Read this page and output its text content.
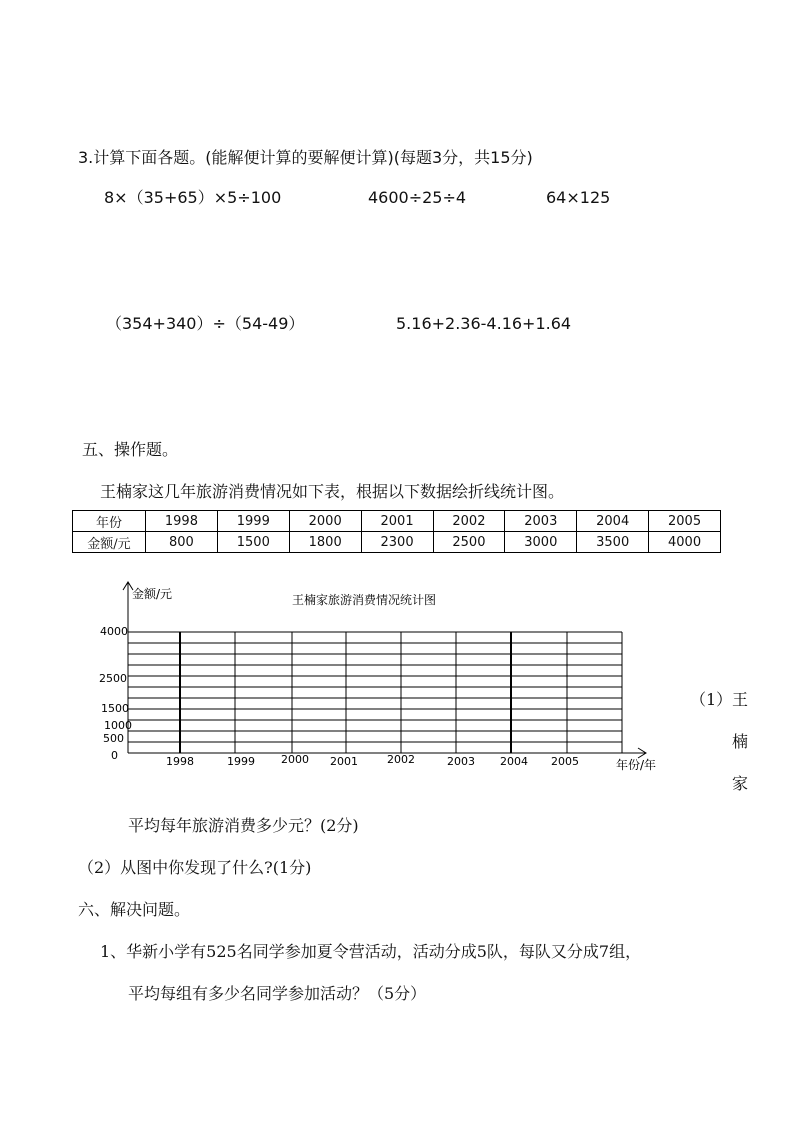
3.计算下面各题。(能解便计算的要解便计算)(每题3分，共15分)
8×（35+65）×5÷100	4600÷25÷4	64×125
（354+340）÷（54-49）	5.16+2.36-4.16+1.64
五、操作题。
王楠家这几年旅游消费情况如下表，根据以下数据绘折线统计图。
年份	1998	1999	2000	2001	2002	2003	2004	2005
金额/元	800	1500	1800	2300	2500	3000	3500	4000
金额/元	王楠家旅游消费情况统计图
年份/年
1998	1999 2000 2001	2002	2003 2004 2005
0
500
1000
1500
2500
4000
（1） 王
楠
家
平均每年旅游消费多少元？(2分)
（2）从图中你发现了什么?(1分)
六、解决问题。
1、华新小学有525名同学参加夏令营活动，活动分成5队，每队又分成7组，
平均每组有多少名同学参加活动？（5分）
